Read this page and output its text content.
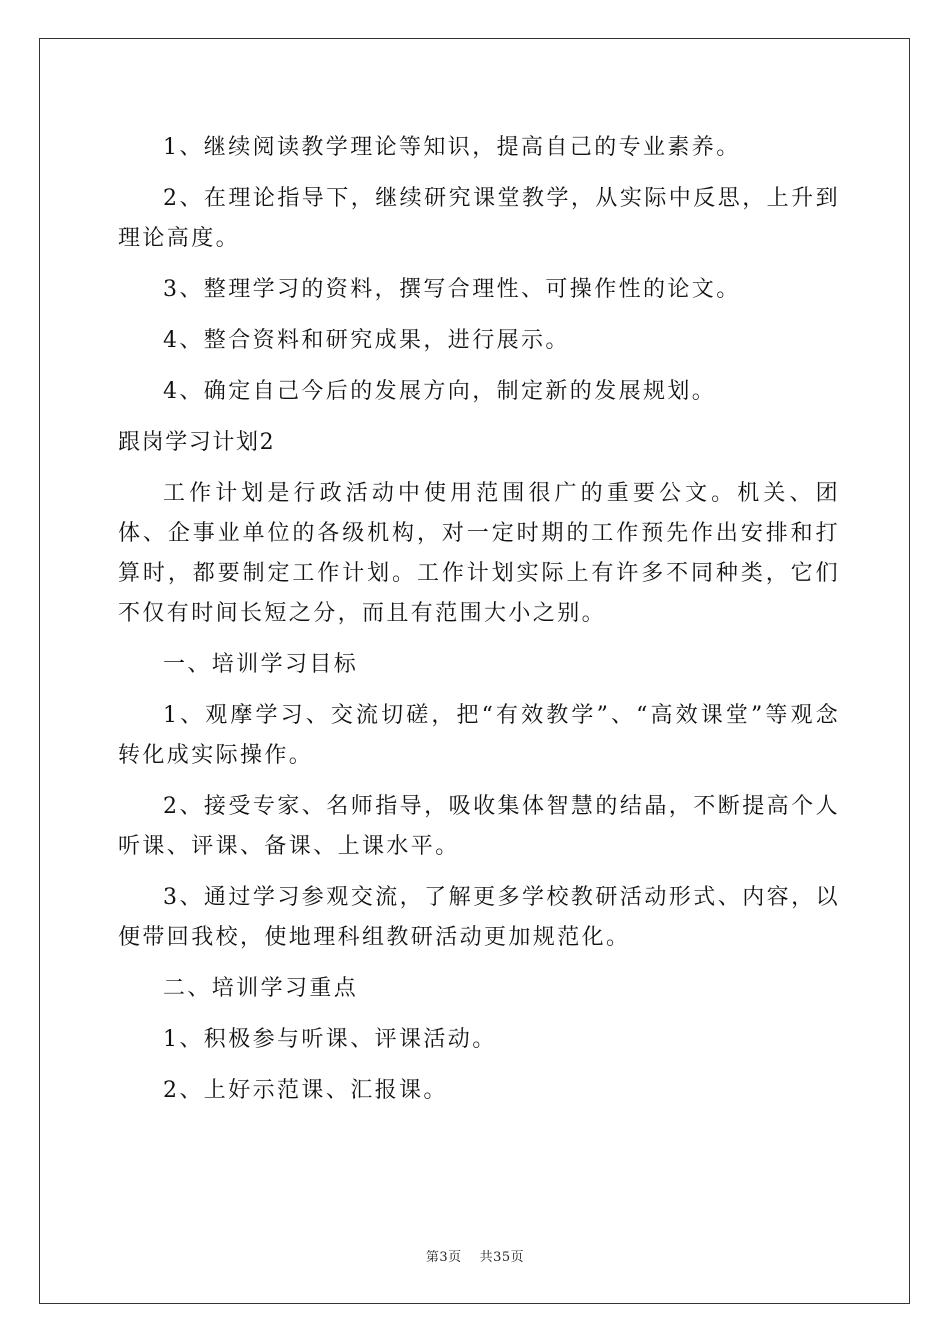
1、继续阅读教学理论等知识，提高自己的专业素养。

2、在理论指导下，继续研究课堂教学，从实际中反思，上升到理论高度。

3、整理学习的资料，撰写合理性、可操作性的论文。

4、整合资料和研究成果，进行展示。

4、确定自己今后的发展方向，制定新的发展规划。

跟岗学习计划2

工作计划是行政活动中使用范围很广的重要公文。机关、团体、企事业单位的各级机构，对一定时期的工作预先作出安排和打算时，都要制定工作计划。工作计划实际上有许多不同种类，它们不仅有时间长短之分，而且有范围大小之别。

一、培训学习目标

1、观摩学习、交流切磋，把“有效教学”、“高效课堂”等观念转化成实际操作。

2、接受专家、名师指导，吸收集体智慧的结晶，不断提高个人听课、评课、备课、上课水平。

3、通过学习参观交流，了解更多学校教研活动形式、内容，以便带回我校，使地理科组教研活动更加规范化。

二、培训学习重点

1、积极参与听课、评课活动。

2、上好示范课、汇报课。

第3页 共35页
